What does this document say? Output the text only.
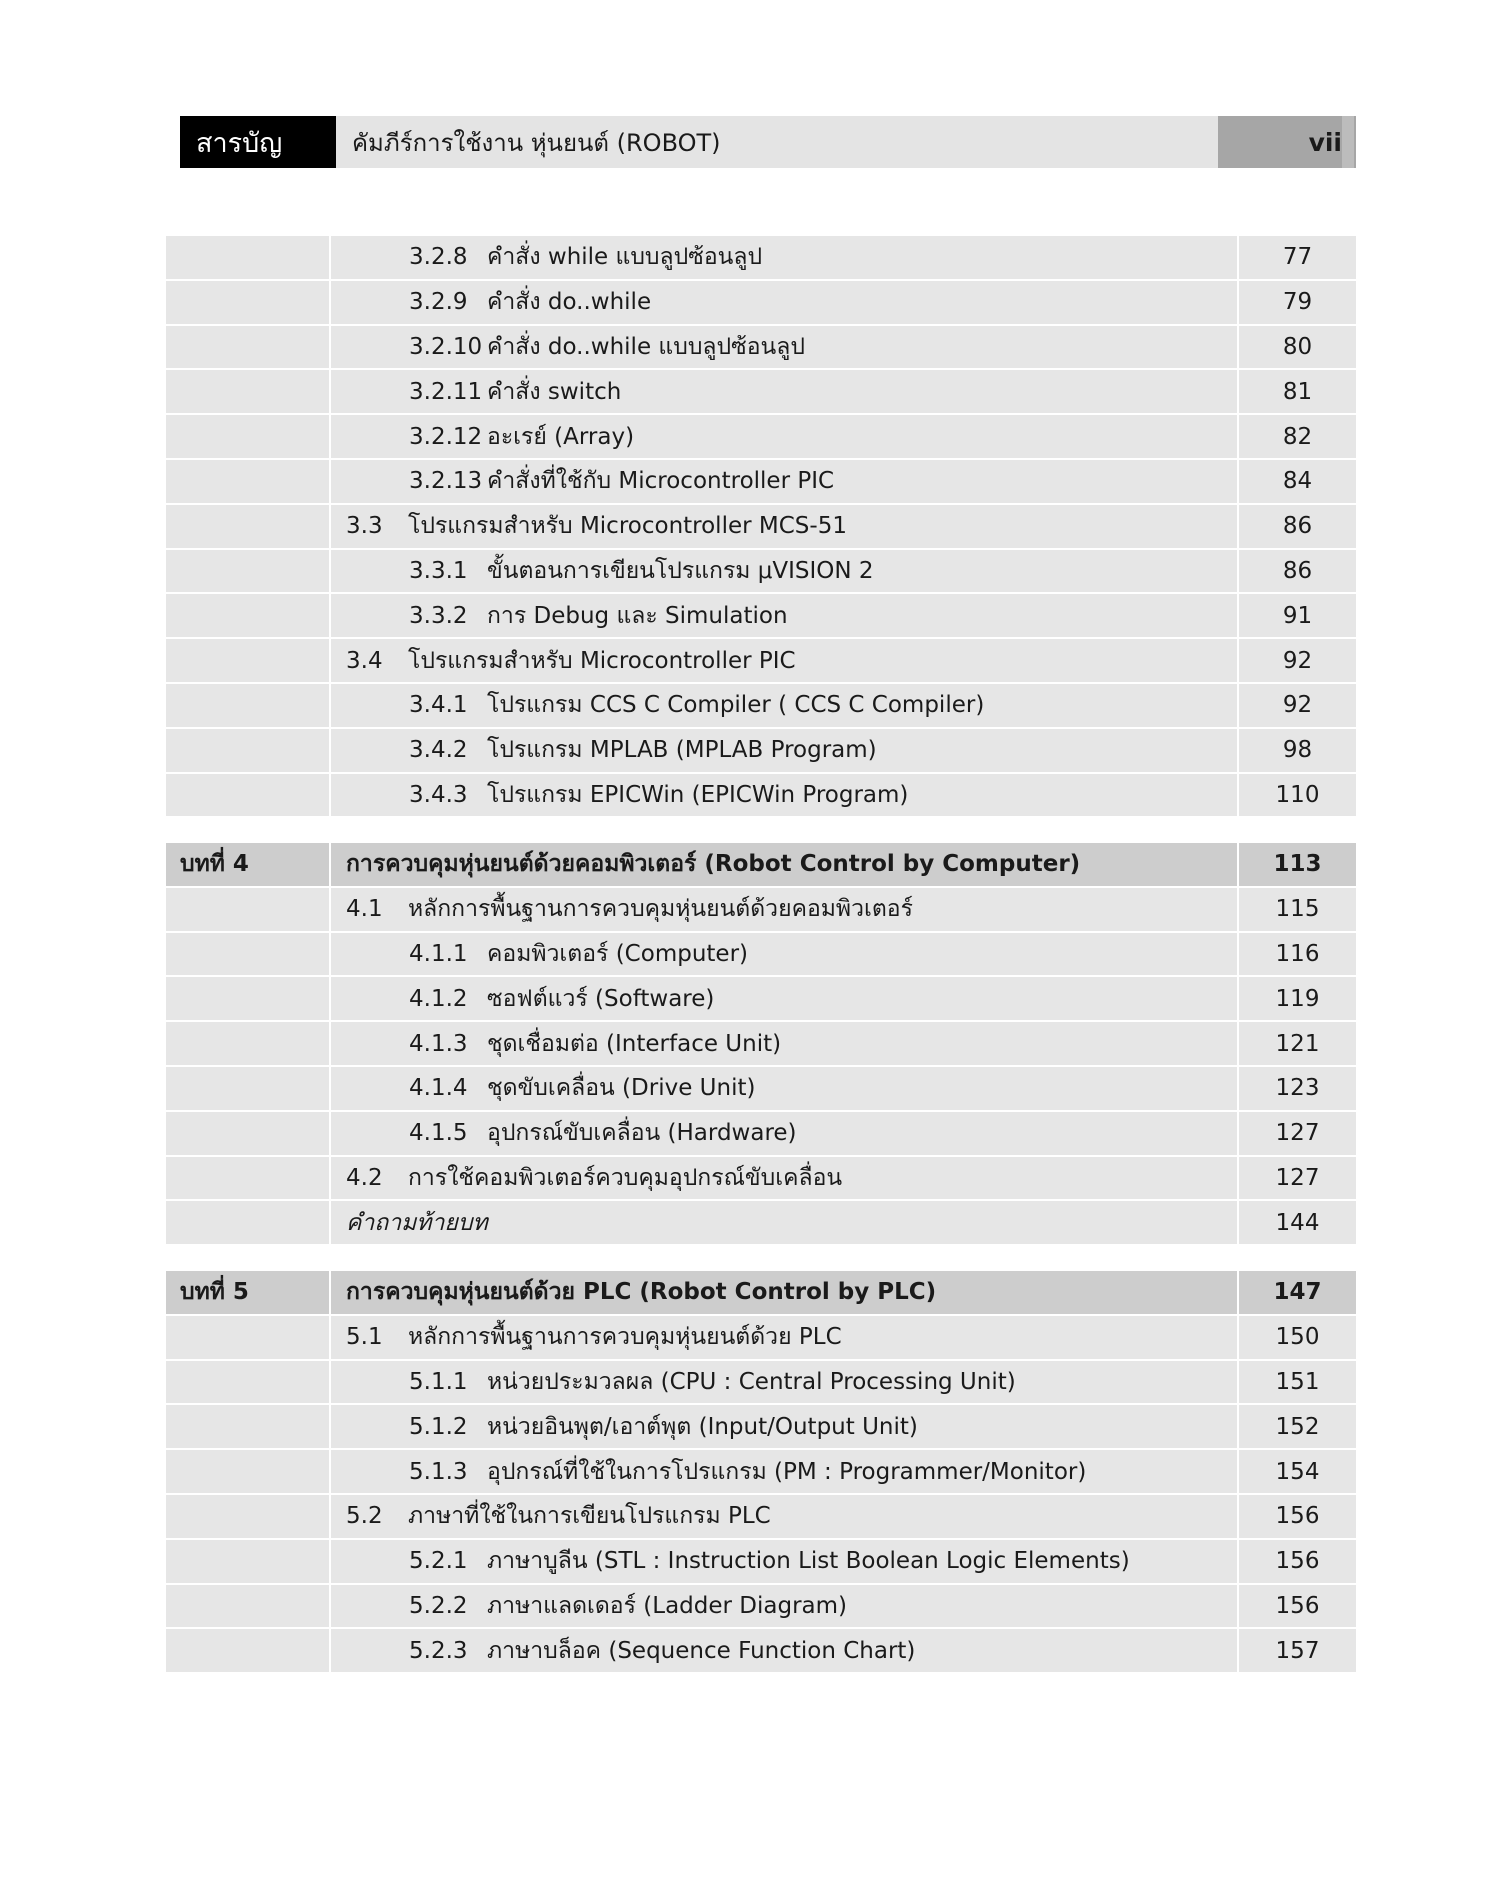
สารบัญ	คัมภีร์การใช้งาน หุ่นยนต์ (ROBOT)	vii
3.2.8 คำสั่ง while แบบลูปซ้อนลูป	77
3.2.9 คำสั่ง do..while	79
3.2.10 คำสั่ง do..while แบบลูปซ้อนลูป	80
3.2.11 คำสั่ง switch	81
3.2.12 อะเรย์ (Array)	82
3.2.13 คำสั่งที่ใช้กับ Microcontroller PIC	84
3.3	โปรแกรมสำหรับ Microcontroller MCS-51	86
3.3.1 ขั้นตอนการเขียนโปรแกรม μVISION 2	86
3.3.2 การ Debug และ Simulation	91
3.4	โปรแกรมสำหรับ Microcontroller PIC	92
3.4.1 โปรแกรม CCS C Compiler ( CCS C Compiler)	92
3.4.2 โปรแกรม MPLAB (MPLAB Program)	98
3.4.3 โปรแกรม EPICWin (EPICWin Program)	110
บทที่ 4	การควบคุมหุ่นยนต์ด้วยคอมพิวเตอร์ (Robot Control by Computer)	113
4.1	หลักการพื้นฐานการควบคุมหุ่นยนต์ด้วยคอมพิวเตอร์	115
4.1.1 คอมพิวเตอร์ (Computer)	116
4.1.2 ซอฟต์แวร์ (Software)	119
4.1.3 ชุดเชื่อมต่อ (Interface Unit)	121
4.1.4 ชุดขับเคลื่อน (Drive Unit)	123
4.1.5 อุปกรณ์ขับเคลื่อน (Hardware)	127
4.2	การใช้คอมพิวเตอร์ควบคุมอุปกรณ์ขับเคลื่อน	127
คำถามท้ายบท	144
บทที่ 5	การควบคุมหุ่นยนต์ด้วย PLC (Robot Control by PLC)	147
5.1	หลักการพื้นฐานการควบคุมหุ่นยนต์ด้วย PLC	150
5.1.1 หน่วยประมวลผล (CPU : Central Processing Unit)	151
5.1.2 หน่วยอินพุต/เอาต์พุต (Input/Output Unit)	152
5.1.3 อุปกรณ์ที่ใช้ในการโปรแกรม (PM : Programmer/Monitor)	154
5.2	ภาษาที่ใช้ในการเขียนโปรแกรม PLC	156
5.2.1 ภาษาบูลีน (STL : Instruction List Boolean Logic Elements)	156
5.2.2 ภาษาแลดเดอร์ (Ladder Diagram)	156
5.2.3 ภาษาบล็อค (Sequence Function Chart)	157
